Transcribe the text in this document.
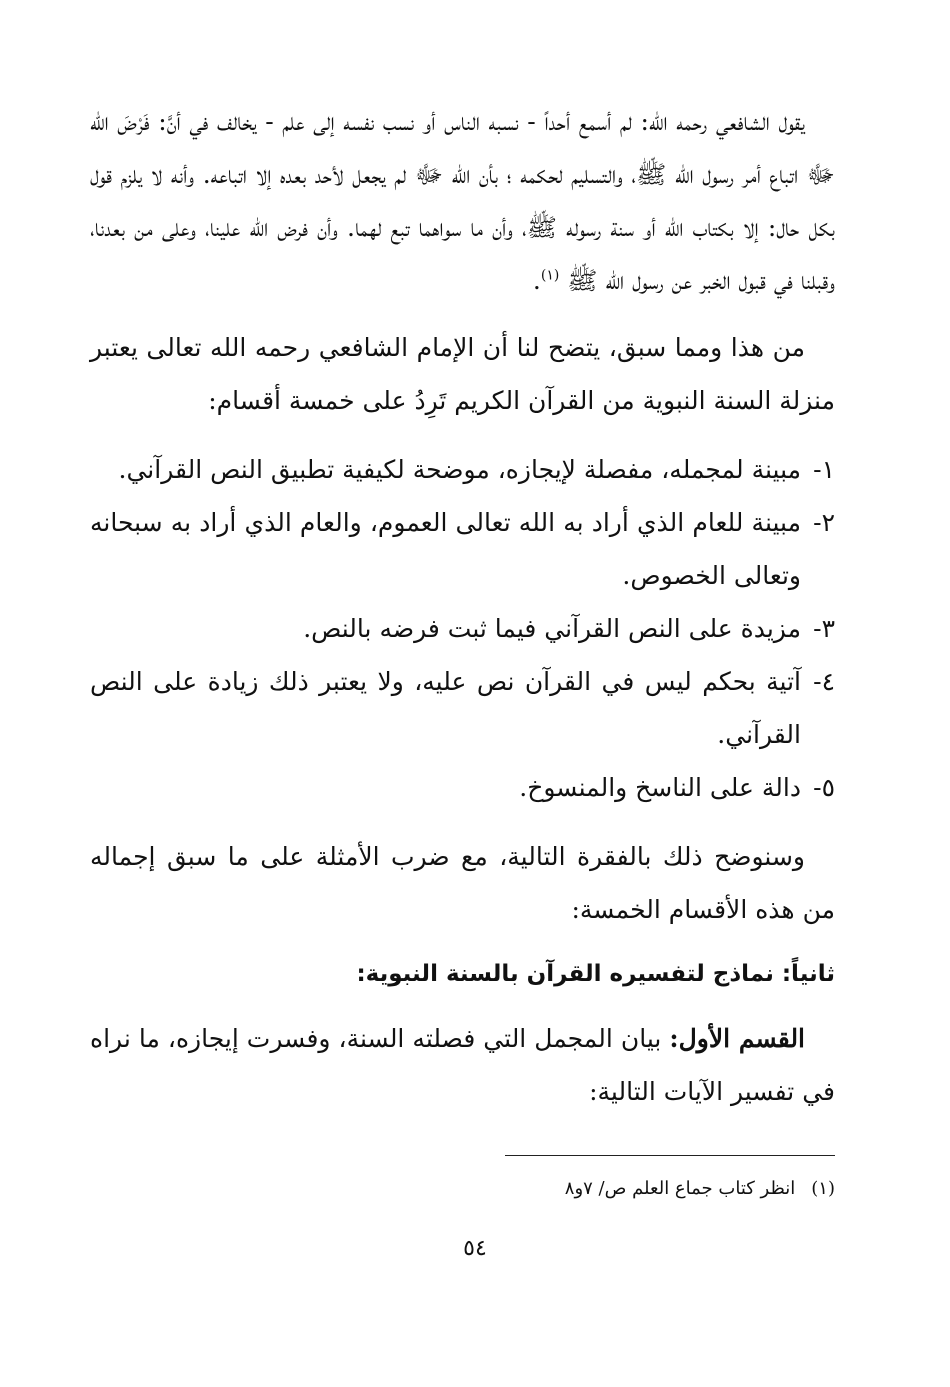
يقول الشافعي رحمه الله: لم أسمع أحداً - نسبه الناس أو نسب نفسه إلى علم - يخالف في أنَّ: فَرْضَ الله ﷻ اتباع أمر رسول الله ﷺ، والتسليم لحكمه ؛ بأن الله ﷻ لم يجعل لأحد بعده إلا اتباعه. وأنه لا يلزم قول بكل حال: إلا بكتاب الله أو سنة رسوله ﷺ، وأن ما سواهما تبع لهما. وأن فرض الله علينا، وعلى من بعدنا، وقبلنا في قبول الخبر عن رسول الله ﷺ $^{(١)}$.

من هذا ومما سبق، يتضح لنا أن الإمام الشافعي رحمه الله تعالى يعتبر منزلة السنة النبوية من القرآن الكريم تَرِدُ على خمسة أقسام:

١-
مبينة لمجمله، مفصلة لإيجازه، موضحة لكيفية تطبيق النص القرآني.
٢-
مبينة للعام الذي أراد به الله تعالى العموم، والعام الذي أراد به سبحانه وتعالى الخصوص.
٣-
مزيدة على النص القرآني فيما ثبت فرضه بالنص.
٤-
آتية بحكم ليس في القرآن نص عليه، ولا يعتبر ذلك زيادة على النص القرآني.
٥-
دالة على الناسخ والمنسوخ.

وسنوضح ذلك بالفقرة التالية، مع ضرب الأمثلة على ما سبق إجماله من هذه الأقسام الخمسة:

ثانياً: نماذج لتفسيره القرآن بالسنة النبوية:

القسم الأول: بيان المجمل التي فصلته السنة، وفسرت إيجازه، ما نراه في تفسير الآيات التالية:

(١)انظر كتاب جماع العلم ص/ ٧و٨
٥٤
